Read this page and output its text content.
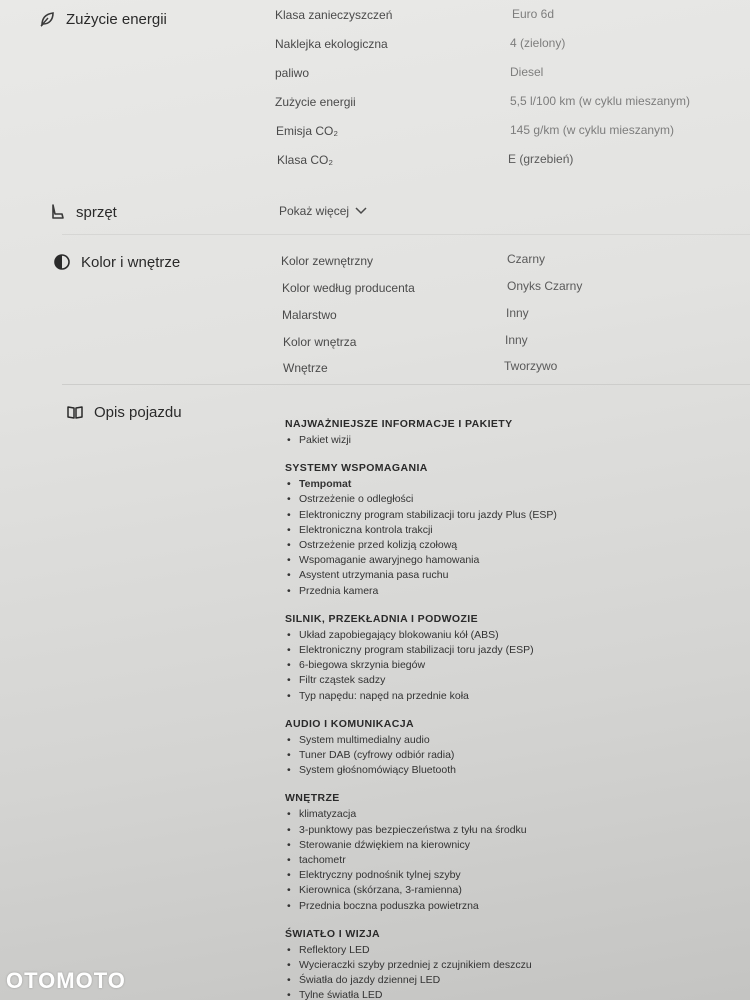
Zużycie energii	Klasa zanieczyszczeń	Euro 6d
Naklejka ekologiczna	4 (zielony)
paliwo	Diesel
Zużycie energii	5,5 l/100 km (w cyklu mieszanym)
Emisja CO₂	145 g/km (w cyklu mieszanym)
Klasa CO₂	E (grzebień)
sprzęt	Pokaż więcej
Kolor i wnętrze	Kolor zewnętrzny	Czarny
Kolor według producenta	Onyks Czarny
Malarstwo	Inny
Kolor wnętrza	Inny
Wnętrze	Tworzywo
Opis pojazdu
NAJWAŻNIEJSZE INFORMACJE I PAKIETY
• Pakiet wizji
SYSTEMY WSPOMAGANIA
• Tempomat
• Ostrzeżenie o odległości
• Elektroniczny program stabilizacji toru jazdy Plus (ESP)
• Elektroniczna kontrola trakcji
• Ostrzeżenie przed kolizją czołową
• Wspomaganie awaryjnego hamowania
• Asystent utrzymania pasa ruchu
• Przednia kamera
SILNIK, PRZEKŁADNIA I PODWOZIE
• Układ zapobiegający blokowaniu kół (ABS)
• Elektroniczny program stabilizacji toru jazdy (ESP)
• 6-biegowa skrzynia biegów
• Filtr cząstek sadzy
• Typ napędu: napęd na przednie koła
AUDIO I KOMUNIKACJA
• System multimedialny audio
• Tuner DAB (cyfrowy odbiór radia)
• System głośnomówiący Bluetooth
WNĘTRZE
• klimatyzacja
• 3-punktowy pas bezpieczeństwa z tyłu na środku
• Sterowanie dźwiękiem na kierownicy
• tachometr
• Elektryczny podnośnik tylnej szyby
• Kierownica (skórzana, 3-ramienna)
• Przednia boczna poduszka powietrzna
ŚWIATŁO I WIZJA
• Reflektory LED
• Wycieraczki szyby przedniej z czujnikiem deszczu
• Światła do jazdy dziennej LED
• Tylne światła LED
OTOMOTO
